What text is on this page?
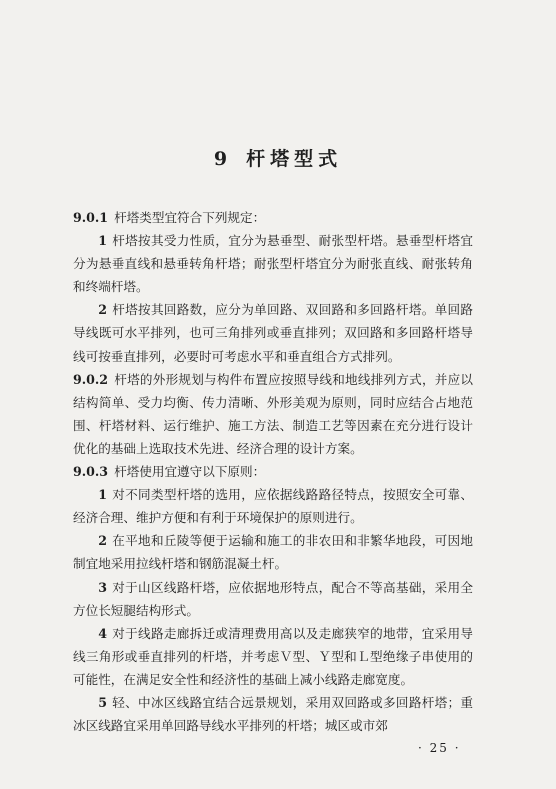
9 杆塔型式

9.0.1 杆塔类型宜符合下列规定：

1 杆塔按其受力性质，宜分为悬垂型、耐张型杆塔。悬垂型杆塔宜分为悬垂直线和悬垂转角杆塔；耐张型杆塔宜分为耐张直线、耐张转角和终端杆塔。

2 杆塔按其回路数，应分为单回路、双回路和多回路杆塔。单回路导线既可水平排列，也可三角排列或垂直排列；双回路和多回路杆塔导线可按垂直排列，必要时可考虑水平和垂直组合方式排列。

9.0.2 杆塔的外形规划与构件布置应按照导线和地线排列方式，并应以结构简单、受力均衡、传力清晰、外形美观为原则，同时应结合占地范围、杆塔材料、运行维护、施工方法、制造工艺等因素在充分进行设计优化的基础上选取技术先进、经济合理的设计方案。

9.0.3 杆塔使用宜遵守以下原则：

1 对不同类型杆塔的选用，应依据线路路径特点，按照安全可靠、经济合理、维护方便和有利于环境保护的原则进行。

2 在平地和丘陵等便于运输和施工的非农田和非繁华地段，可因地制宜地采用拉线杆塔和钢筋混凝土杆。

3 对于山区线路杆塔，应依据地形特点，配合不等高基础，采用全方位长短腿结构形式。

4 对于线路走廊拆迁或清理费用高以及走廊狭窄的地带，宜采用导线三角形或垂直排列的杆塔，并考虑Ｖ型、Ｙ型和Ｌ型绝缘子串使用的可能性，在满足安全性和经济性的基础上减小线路走廊宽度。

5 轻、中冰区线路宜结合远景规划，采用双回路或多回路杆塔；重冰区线路宜采用单回路导线水平排列的杆塔；城区或市郊

· 25 ·
